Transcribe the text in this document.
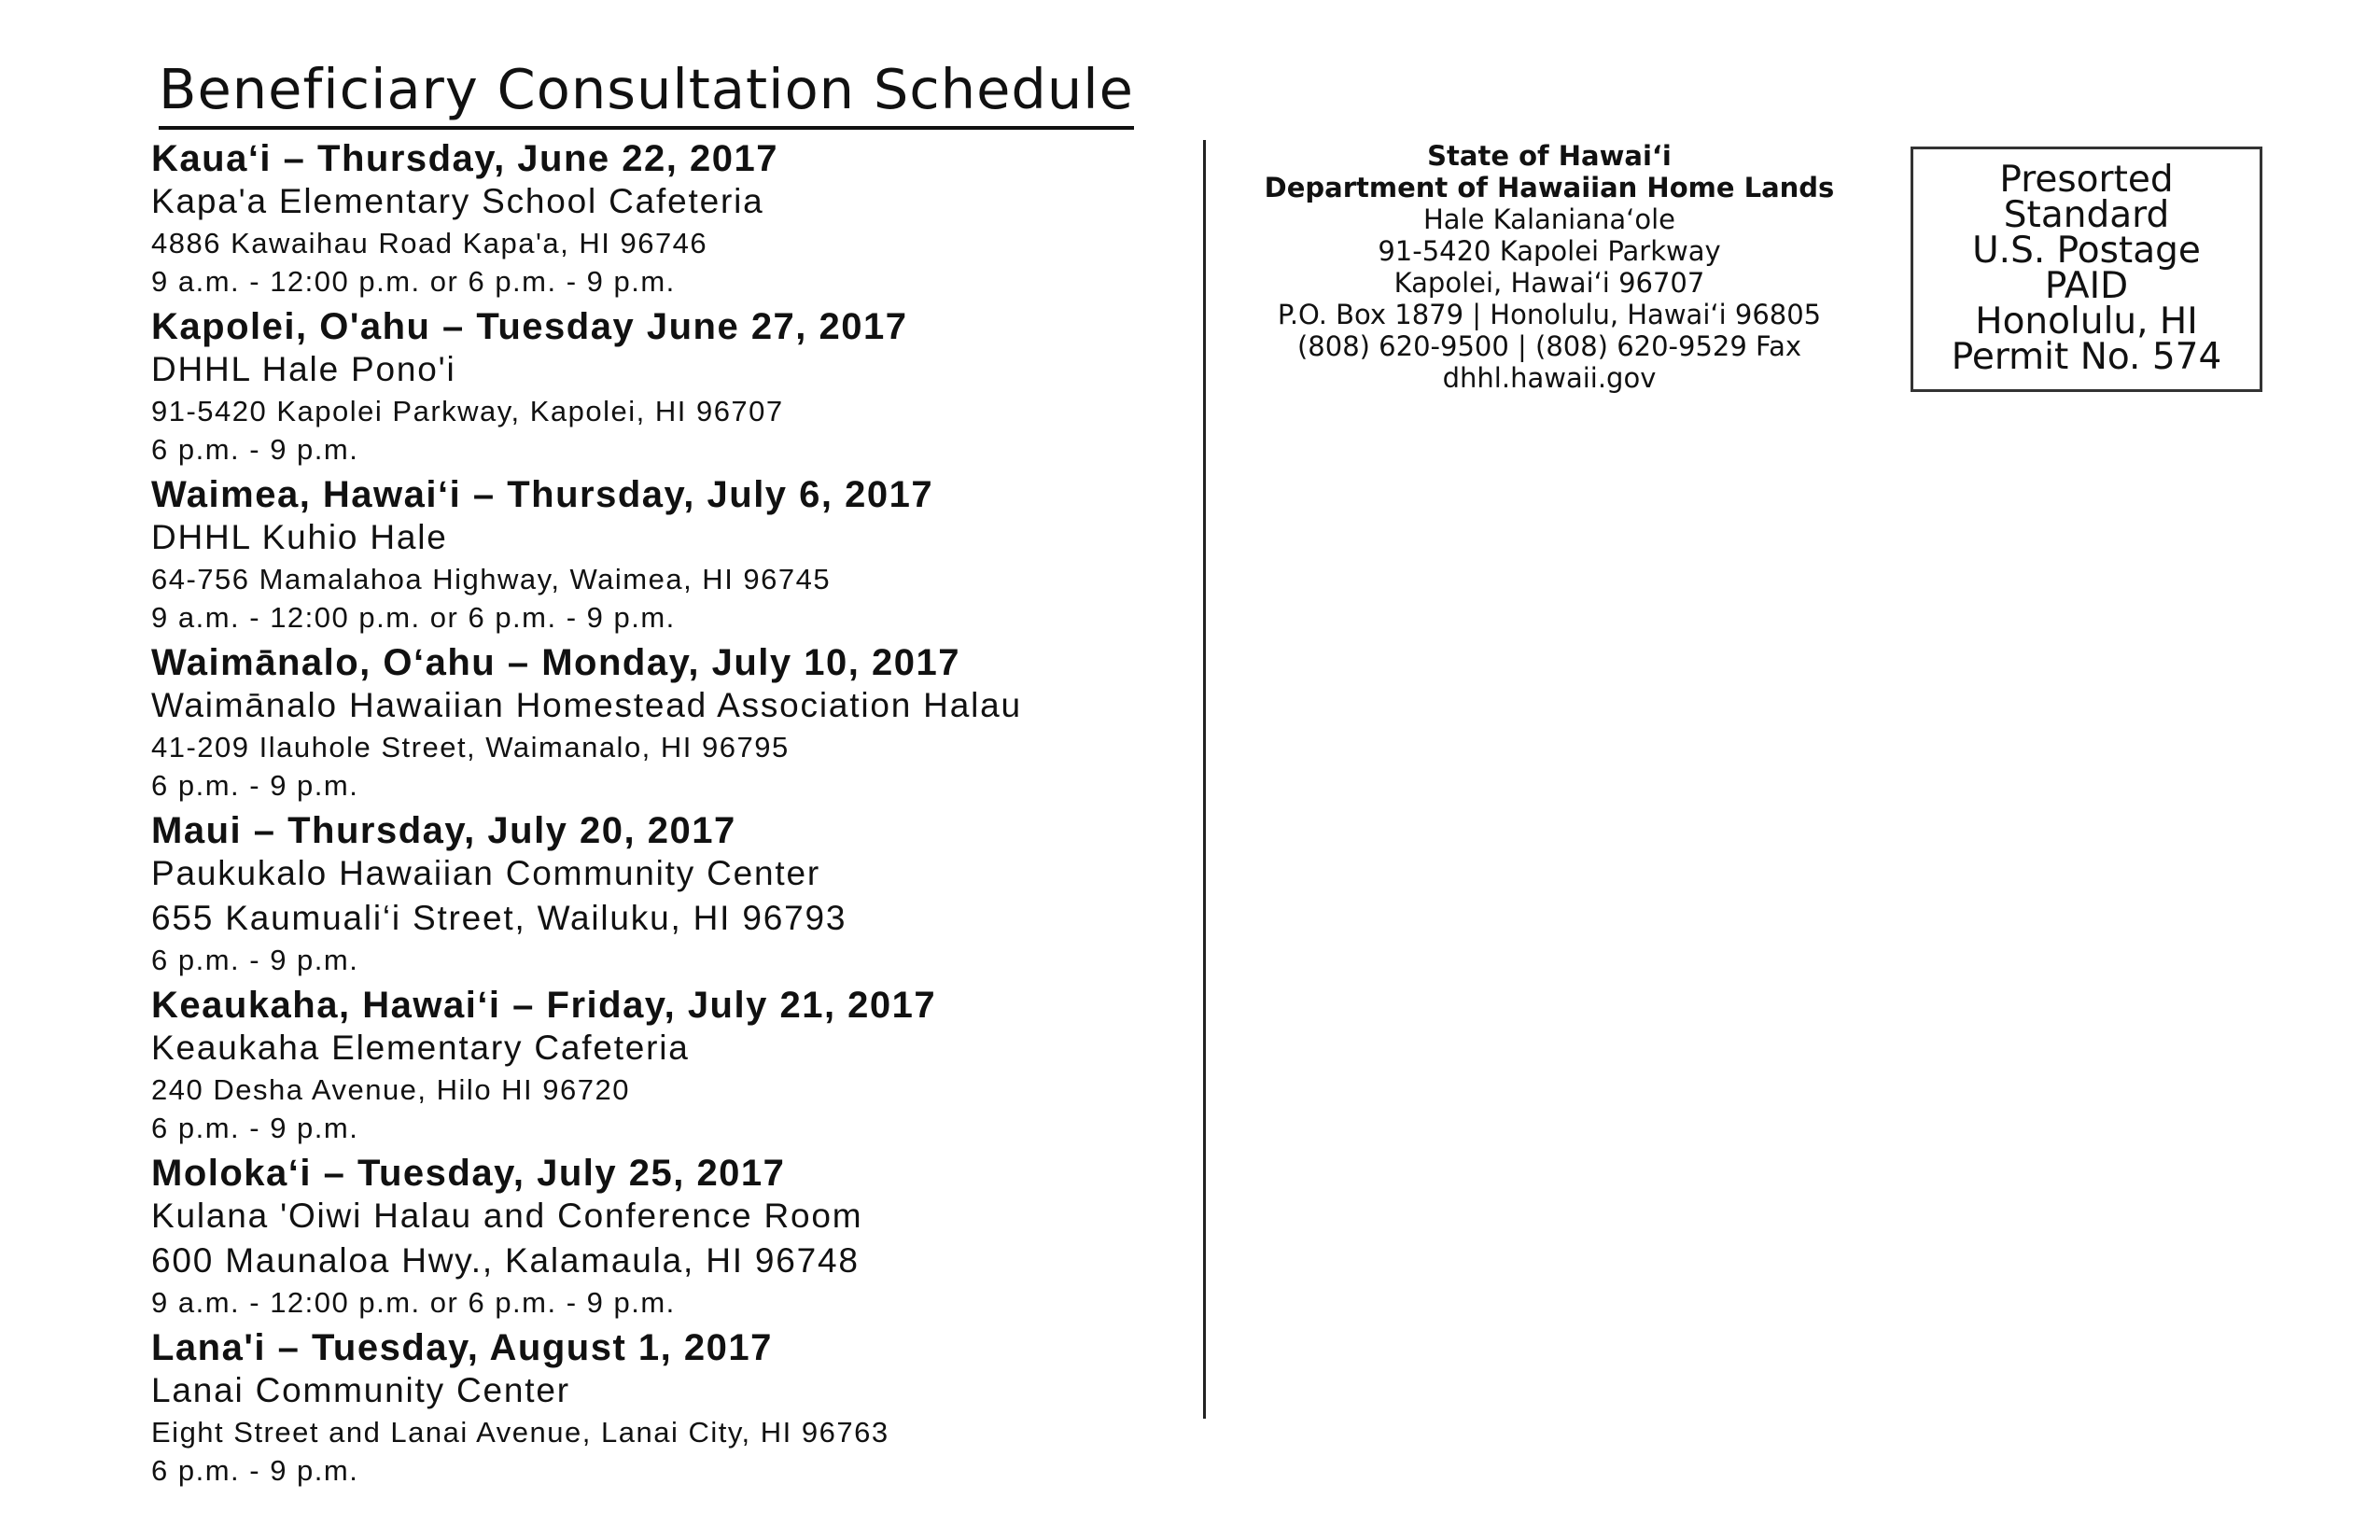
Beneficiary Consultation Schedule
Kaua‘i – Thursday, June 22, 2017
Kapa'a Elementary School Cafeteria
4886 Kawaihau Road Kapa'a, HI 96746
9 a.m. - 12:00 p.m. or 6 p.m. - 9 p.m.
Kapolei, O'ahu – Tuesday June 27, 2017
DHHL Hale Pono'i
91-5420 Kapolei Parkway, Kapolei, HI 96707
6 p.m. - 9 p.m.
Waimea, Hawai‘i – Thursday, July 6, 2017
DHHL Kuhio Hale
64-756 Mamalahoa Highway, Waimea, HI 96745
9 a.m. - 12:00 p.m. or 6 p.m. - 9 p.m.
Waimānalo, O‘ahu – Monday, July 10, 2017
Waimānalo Hawaiian Homestead Association Halau
41-209 Ilauhole Street, Waimanalo, HI 96795
6 p.m. - 9 p.m.
Maui – Thursday, July 20, 2017
Paukukalo Hawaiian Community Center
655 Kaumuali‘i Street, Wailuku, HI 96793
6 p.m. - 9 p.m.
Keaukaha, Hawai‘i – Friday, July 21, 2017
Keaukaha Elementary Cafeteria
240 Desha Avenue, Hilo HI 96720
6 p.m. - 9 p.m.
Moloka‘i – Tuesday, July 25, 2017
Kulana 'Oiwi Halau and Conference Room
600 Maunaloa Hwy., Kalamaula, HI 96748
9 a.m. - 12:00 p.m. or 6 p.m. - 9 p.m.
Lana'i – Tuesday, August 1, 2017
Lanai Community Center
Eight Street and Lanai Avenue, Lanai City, HI 96763
6 p.m. - 9 p.m.
State of Hawai‘i
Department of Hawaiian Home Lands
Hale Kalaniana‘ole
91-5420 Kapolei Parkway
Kapolei, Hawai‘i 96707
P.O. Box 1879 | Honolulu, Hawai‘i 96805
(808) 620-9500 | (808) 620-9529 Fax
dhhl.hawaii.gov
Presorted
Standard
U.S. Postage
PAID
Honolulu, HI
Permit No. 574
